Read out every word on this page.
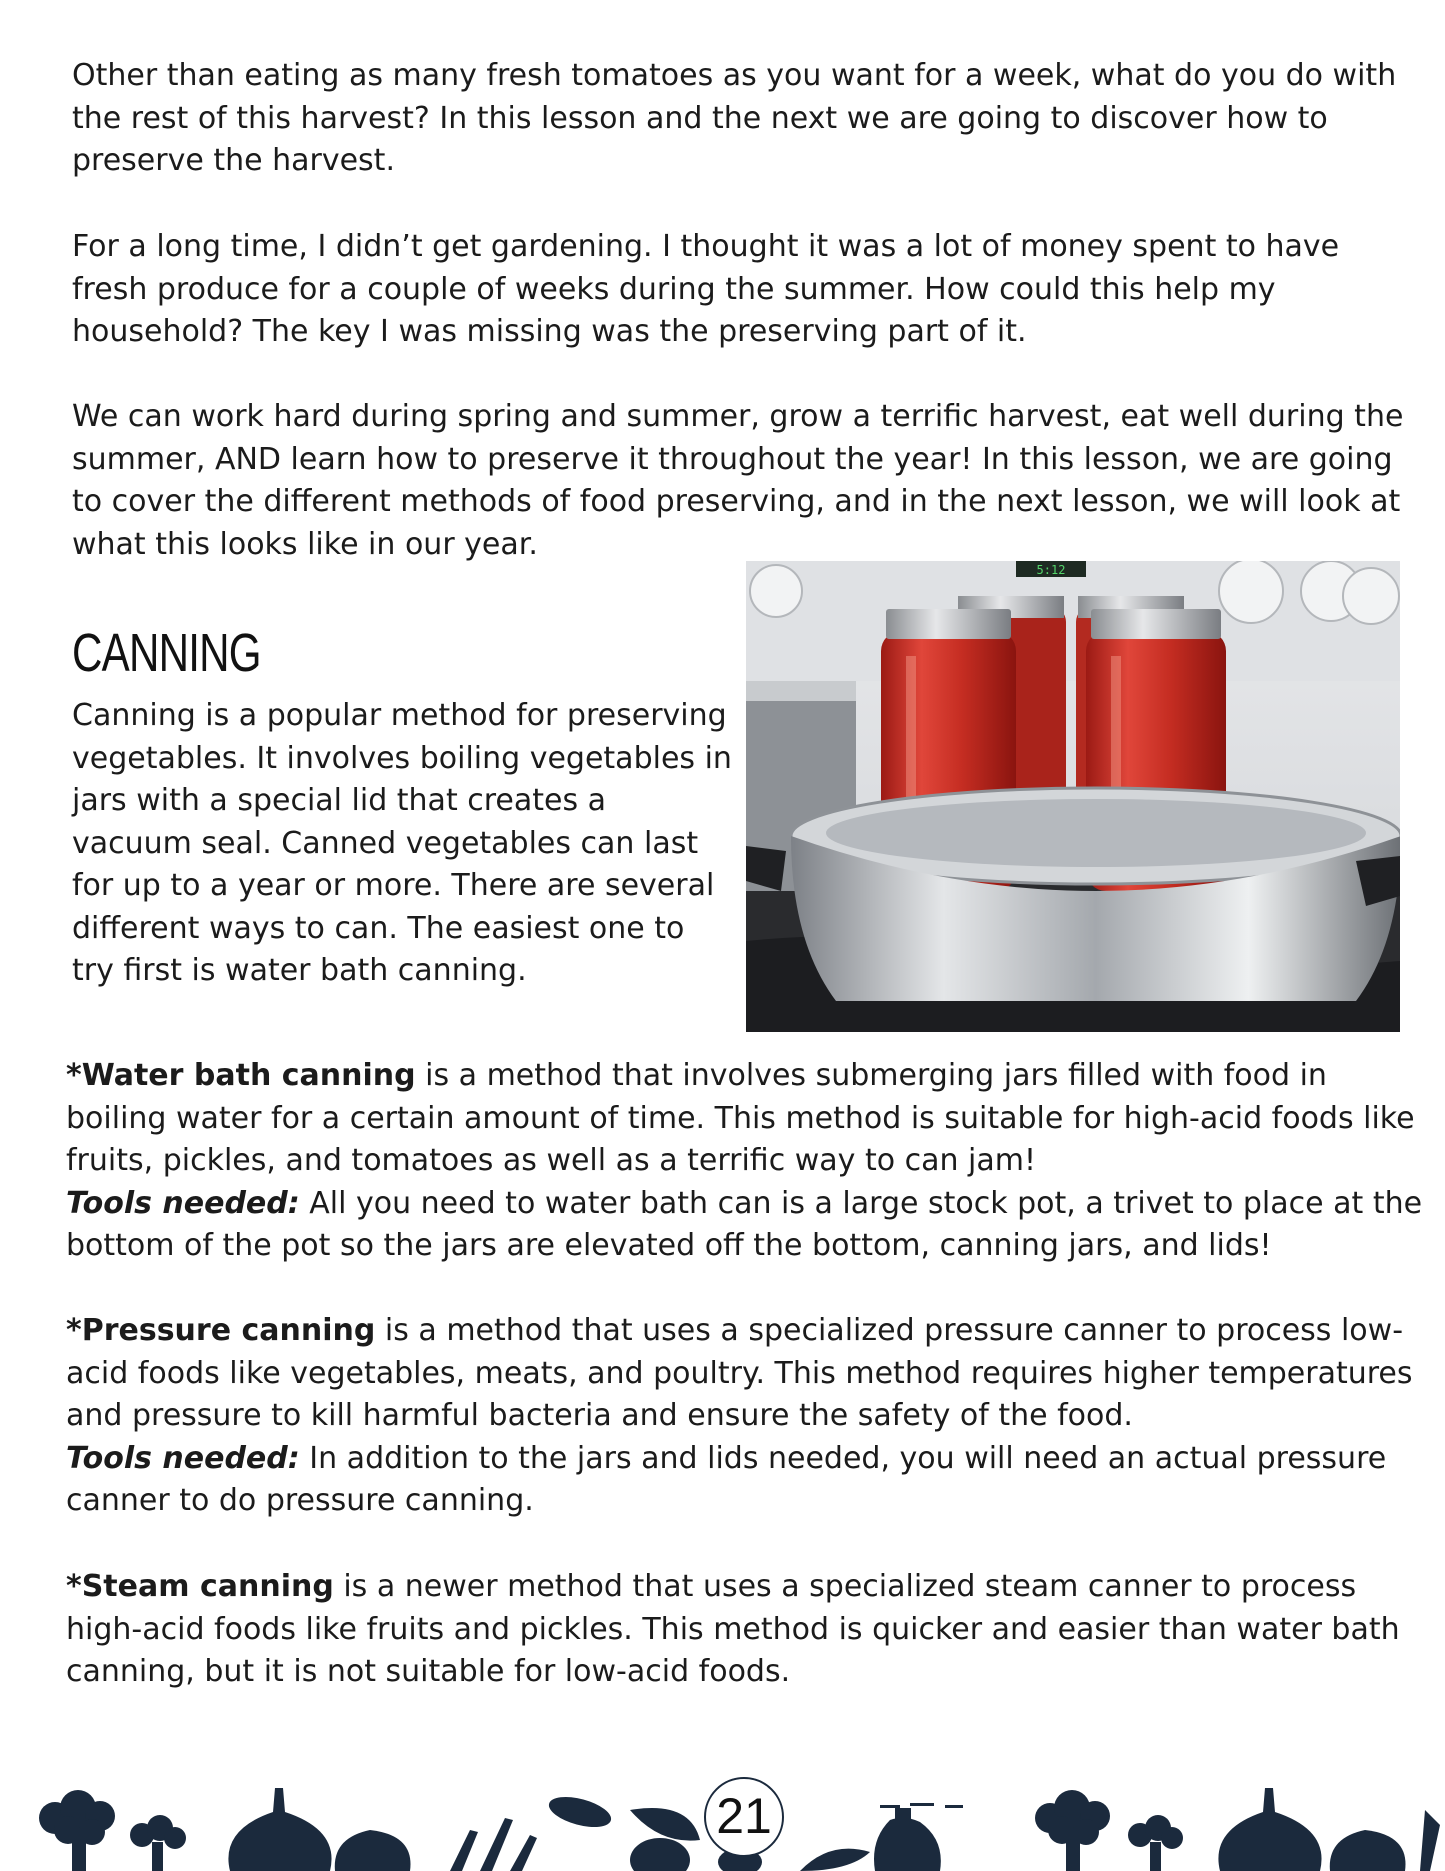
Other than eating as many fresh tomatoes as you want for a week, what do you do with the rest of this harvest? In this lesson and the next we are going to discover how to preserve the harvest.

For a long time, I didn’t get gardening. I thought it was a lot of money spent to have fresh produce for a couple of weeks during the summer. How could this help my household? The key I was missing was the preserving part of it.

We can work hard during spring and summer, grow a terrific harvest, eat well during the summer, AND learn how to preserve it throughout the year! In this lesson, we are going to cover the different methods of food preserving, and in the next lesson, we will look at what this looks like in our year.

CANNING

Canning is a popular method for preserving vegetables. It involves boiling vegetables in jars with a special lid that creates a vacuum seal. Canned vegetables can last for up to a year or more. There are several different ways to can. The easiest one to try first is water bath canning.

5:12

*Water bath canning is a method that involves submerging jars filled with food in boiling water for a certain amount of time. This method is suitable for high-acid foods like fruits, pickles, and tomatoes as well as a terrific way to can jam!

Tools needed: All you need to water bath can is a large stock pot, a trivet to place at the bottom of the pot so the jars are elevated off the bottom, canning jars, and lids!

*Pressure canning is a method that uses a specialized pressure canner to process low-acid foods like vegetables, meats, and poultry. This method requires higher temperatures and pressure to kill harmful bacteria and ensure the safety of the food.

Tools needed: In addition to the jars and lids needed, you will need an actual pressure canner to do pressure canning.

*Steam canning is a newer method that uses a specialized steam canner to process high-acid foods like fruits and pickles. This method is quicker and easier than water bath canning, but it is not suitable for low-acid foods.

21
